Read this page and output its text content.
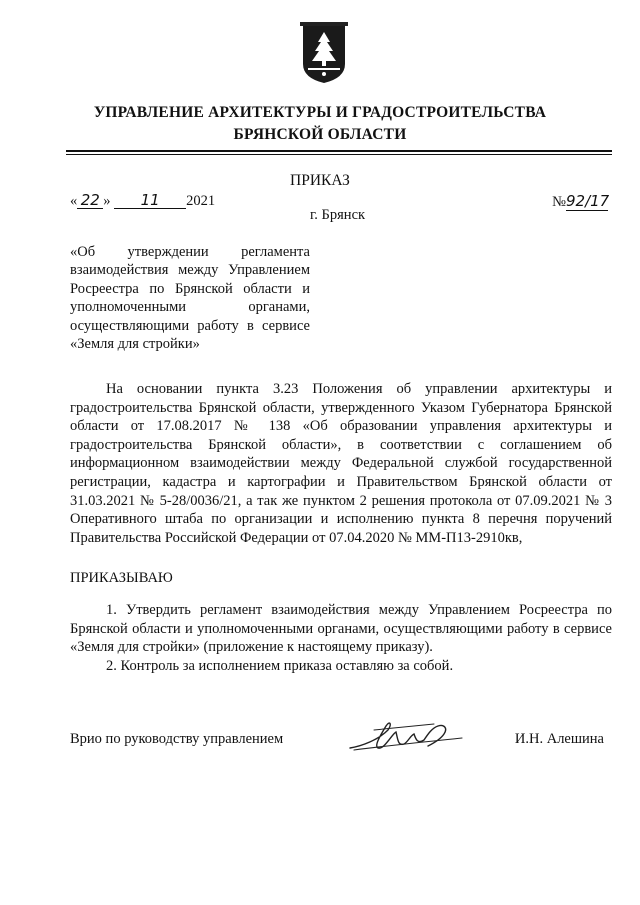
УПРАВЛЕНИЕ АРХИТЕКТУРЫ И ГРАДОСТРОИТЕЛЬСТВА
БРЯНСКОЙ ОБЛАСТИ
ПРИКАЗ
« 22 » 11 2021	№92/17
г. Брянск
«Об утверждении регламента взаимодействия между Управлением Росреестра по Брянской области и уполномоченными органами, осуществляющими работу в сервисе «Земля для стройки»
На основании пункта 3.23 Положения об управлении архитектуры и градостроительства Брянской области, утвержденного Указом Губернатора Брянской области от 17.08.2017 № 138 «Об образовании управления архитектуры и градостроительства Брянской области», в соответствии с соглашением об информационном взаимодействии между Федеральной службой государственной регистрации, кадастра и картографии и Правительством Брянской области от 31.03.2021 № 5-28/0036/21, а так же пунктом 2 решения протокола от 07.09.2021 № 3 Оперативного штаба по организации и исполнению пункта 8 перечня поручений Правительства Российской Федерации от 07.04.2020 № ММ-П13-2910кв,
ПРИКАЗЫВАЮ

1. Утвердить регламент взаимодействия между Управлением Росреестра по Брянской области и уполномоченными органами, осуществляющими работу в сервисе «Земля для стройки» (приложение к настоящему приказу).

2. Контроль за исполнением приказа оставляю за собой.

Врио по руководству управлением	И.Н. Алешина
